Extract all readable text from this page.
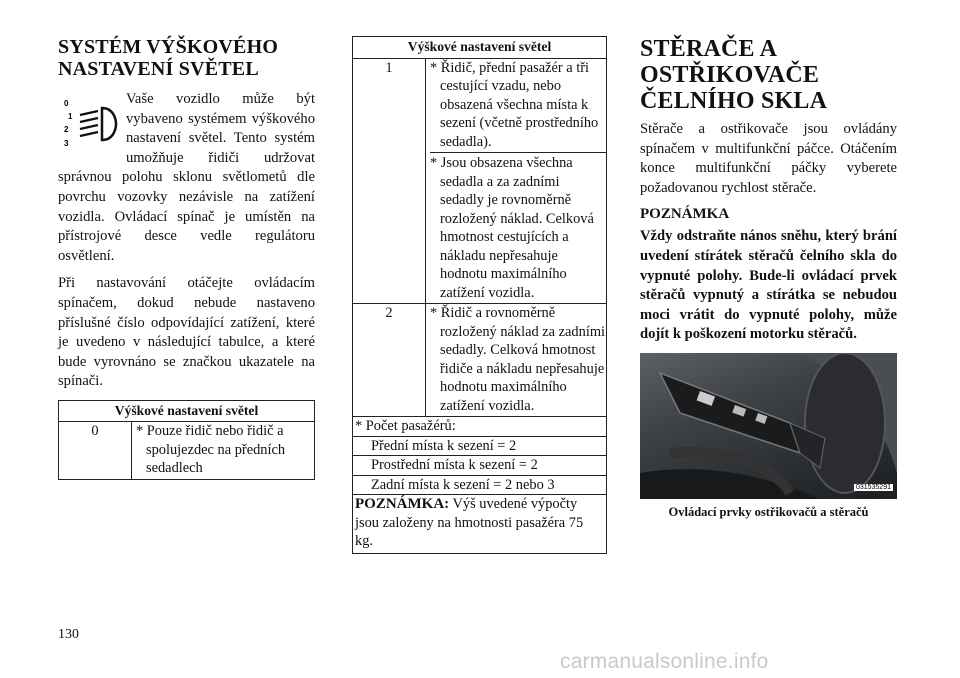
SYSTÉM VÝŠKOVÉHO
NASTAVENÍ SVĚTEL
0
1
2
3

Vaše vozidlo může být vybaveno systémem výškového nastavení světel. Tento systém umožňuje řidiči udržovat správnou polohu sklonu světlometů dle povrchu vozovky nezávisle na zatížení vozidla. Ovládací spínač je umístěn na přístrojové desce vedle regulátoru osvětlení.

Při nastavování otáčejte ovládacím spínačem, dokud nebude nastaveno příslušné číslo odpovídající zatížení, které je uvedeno v následující tabulce, a které bude vyrovnáno se značkou ukazatele na spínači.

Výškové nastavení světel
0	* Pouze řidič nebo řidič a spolujezdec na předních sedadlech
Výškové nastavení světel	
1	* Řidič, přední pasažér a tři cestující vzadu, nebo obsazená všechna místa k sezení (včetně prostředního sedadla).
* Jsou obsazena všechna sedadla a za zadními sedadly je rovnoměrně rozložený náklad. Celková hmotnost cestujících a nákladu nepřesahuje hodnotu maximálního zatížení vozidla.

2	* Řidič a rovnoměrně rozložený náklad za zadními sedadly. Celková hmotnost řidiče a nákladu nepřesahuje hodnotu maximálního zatížení vozidla.
* Počet pasažérů:
Přední místa k sezení = 2
Prostřední místa k sezení = 2
Zadní místa k sezení = 2 nebo 3
POZNÁMKA: Výš uvedené výpočty jsou založeny na hmotnosti pasažéra 75 kg.
STĚRAČE A
OSTŘIKOVAČE
ČELNÍHO SKLA

Stěrače a ostřikovače jsou ovládány spínačem v multifunkční páčce. Otáčením konce multifunkční páčky vyberete požadovanou rychlost stěrače.

POZNÁMKA

Vždy odstraňte nános sněhu, který brání uvedení stírátek stěračů čelního skla do vypnuté polohy. Bude-li ovládací prvek stěračů vypnutý a stírátka se nebudou moci vrátit do vypnuté polohy, může dojít k poškození motorku stěračů.

031535291
Ovládací prvky ostřikovačů a stěračů
130
carmanualsonline.info
